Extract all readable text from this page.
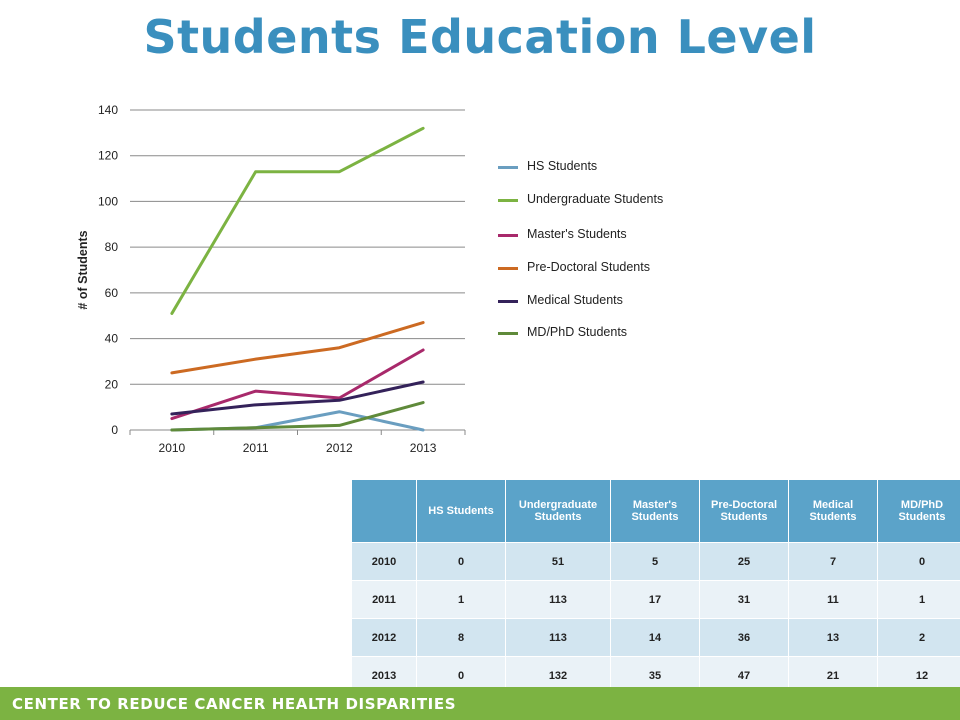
Students Education Level
0
20
40
60
80
100
120
140
2010	2011	2012	2013
# of Students
HS Students
Undergraduate Students
Master's Students
Pre-Doctoral Students
Medical Students
MD/PhD Students
	HS Students	Undergraduate Students	Master's Students	Pre-Doctoral Students	Medical Students	MD/PhD Students
2010	0	51	5	25	7	0
2011	1	113	17	31	11	1
2012	8	113	14	36	13	2
2013	0	132	35	47	21	12
CENTER TO REDUCE CANCER HEALTH DISPARITIES
